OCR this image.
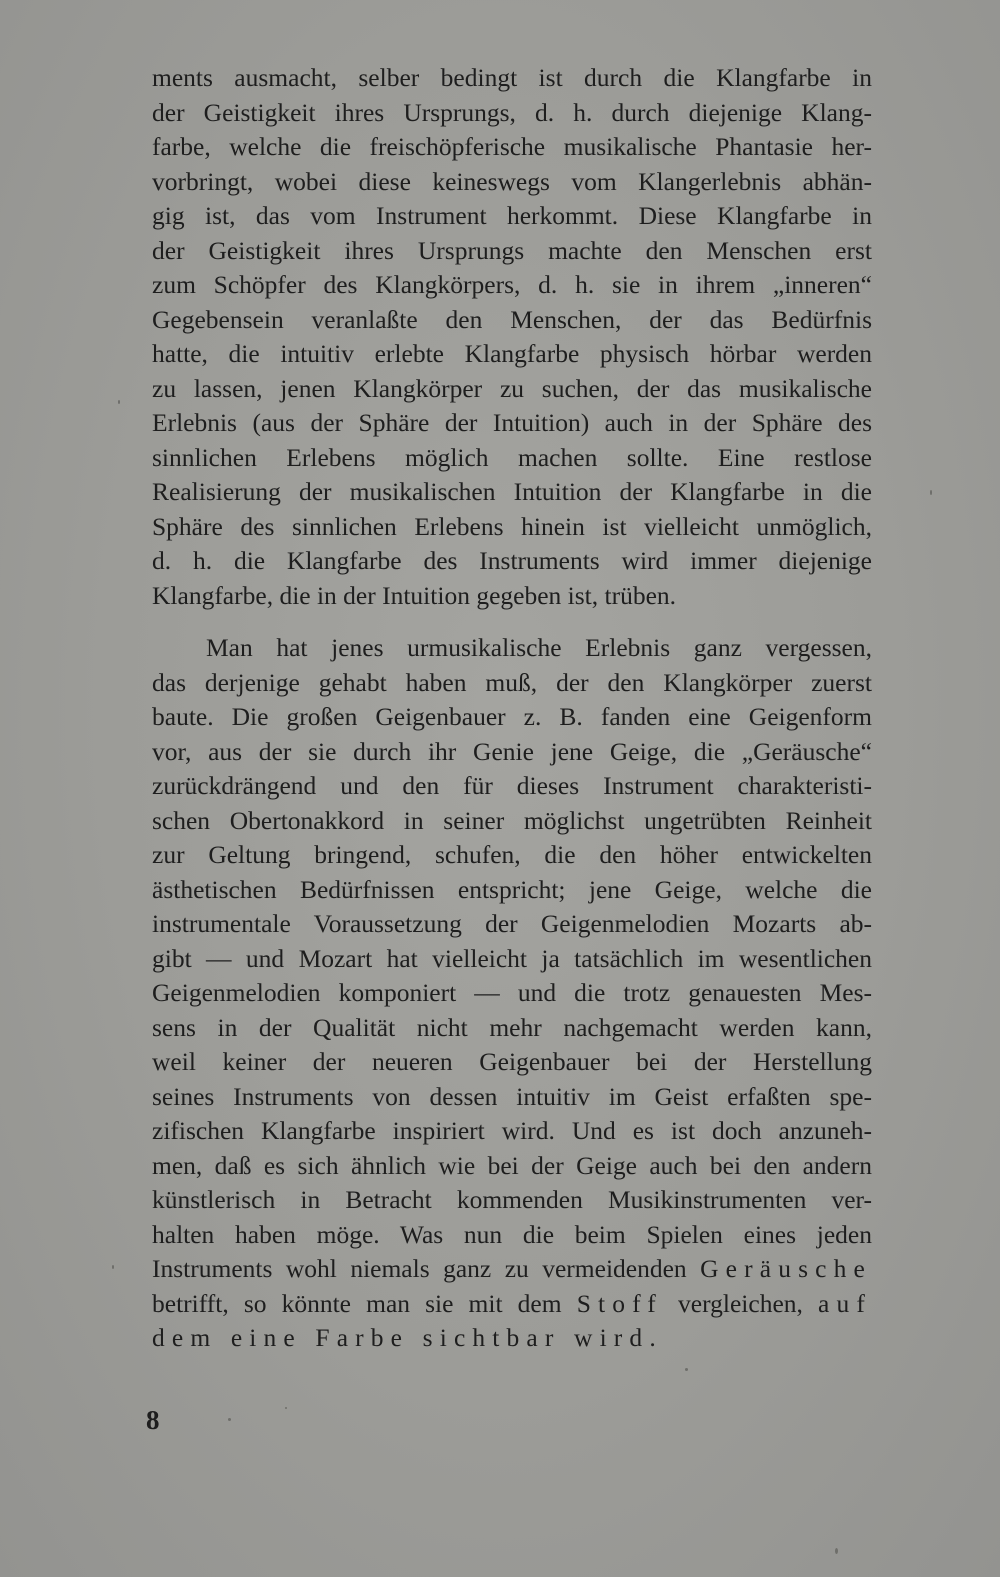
ments ausmacht, selber bedingt ist durch die Klangfarbe in
der Geistigkeit ihres Ursprungs, d. h. durch diejenige Klang-
farbe, welche die freischöpferische musikalische Phantasie her-
vorbringt, wobei diese keineswegs vom Klangerlebnis abhän-
gig ist, das vom Instrument herkommt. Diese Klangfarbe in
der Geistigkeit ihres Ursprungs machte den Menschen erst
zum Schöpfer des Klangkörpers, d. h. sie in ihrem „inneren“
Gegebensein veranlaßte den Menschen, der das Bedürfnis
hatte, die intuitiv erlebte Klangfarbe physisch hörbar werden
zu lassen, jenen Klangkörper zu suchen, der das musikalische
Erlebnis (aus der Sphäre der Intuition) auch in der Sphäre des
sinnlichen Erlebens möglich machen sollte. Eine restlose
Realisierung der musikalischen Intuition der Klangfarbe in die
Sphäre des sinnlichen Erlebens hinein ist vielleicht unmöglich,
d. h. die Klangfarbe des Instruments wird immer diejenige
Klangfarbe, die in der Intuition gegeben ist, trüben.
Man hat jenes urmusikalische Erlebnis ganz vergessen,
das derjenige gehabt haben muß, der den Klangkörper zuerst
baute. Die großen Geigenbauer z. B. fanden eine Geigenform
vor, aus der sie durch ihr Genie jene Geige, die „Geräusche“
zurückdrängend und den für dieses Instrument charakteristi-
schen Obertonakkord in seiner möglichst ungetrübten Reinheit
zur Geltung bringend, schufen, die den höher entwickelten
ästhetischen Bedürfnissen entspricht; jene Geige, welche die
instrumentale Voraussetzung der Geigenmelodien Mozarts ab-
gibt — und Mozart hat vielleicht ja tatsächlich im wesentlichen
Geigenmelodien komponiert — und die trotz genauesten Mes-
sens in der Qualität nicht mehr nachgemacht werden kann,
weil keiner der neueren Geigenbauer bei der Herstellung
seines Instruments von dessen intuitiv im Geist erfaßten spe-
zifischen Klangfarbe inspiriert wird. Und es ist doch anzuneh-
men, daß es sich ähnlich wie bei der Geige auch bei den andern
künstlerisch in Betracht kommenden Musikinstrumenten ver-
halten haben möge. Was nun die beim Spielen eines jeden
Instruments wohl niemals ganz zu vermeidenden Geräusche
betrifft, so könnte man sie mit dem Stoff vergleichen, auf
dem eine Farbe sichtbar wird.
8
